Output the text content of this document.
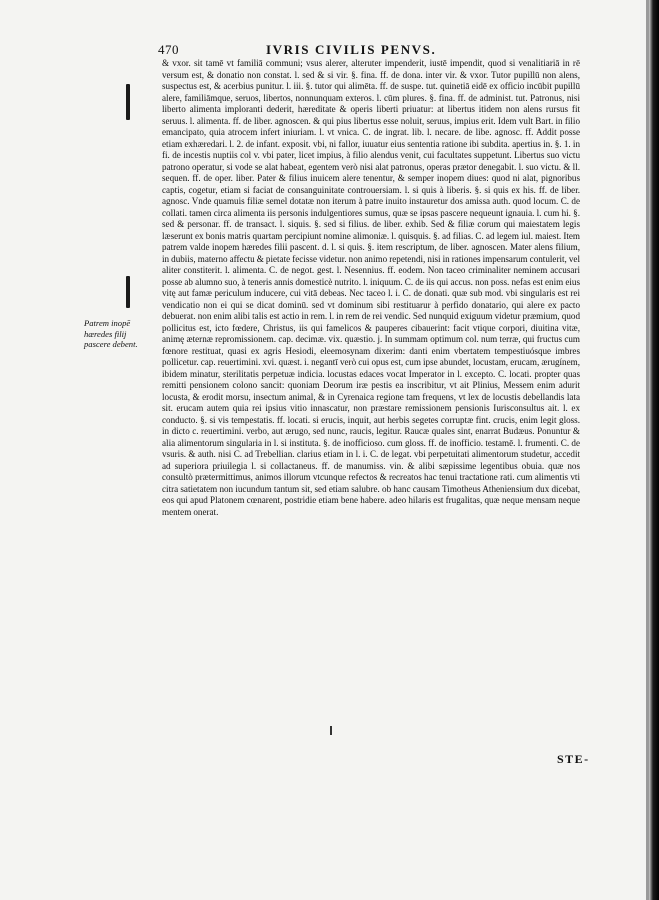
470	IVRIS CIVILIS PENVS.
Patrem inopē
hæredes filij
pascere debent.

& vxor. sit tamē vt familiā communi; vsus alerer, alteruter impenderit, iustē impendit, quod si venalitiariā in rē versum est, & donatio non constat. l. sed & si vir. §. fina. ff. de dona. inter vir. & vxor. Tutor pupillū non alens, suspectus est, & acerbius punitur. l. iii. §. tutor qui alimēta. ff. de suspe. tut. quinetiā eidē ex officio incūbit pupillū alere, familiāmque, seruos, libertos, nonnunquam exteros. l. cūm plures. §. fina. ff. de administ. tut. Patronus, nisi liberto alimenta imploranti dederit, hæreditate & operis liberti priuatur: at libertus itidem non alens rursus fit seruus. l. alimenta. ff. de liber. agnoscen. & qui pius libertus esse noluit, seruus, impius erit. Idem vult Bart. in filio emancipato, quia atrocem infert iniuriam. l. vt vnica. C. de ingrat. lib. l. necare. de libe. agnosc. ff. Addit posse etiam exhæredari. l. 2. de infant. exposit. vbi, ni fallor, iuuatur eius sententia ratione ibi subdita. apertius in. §. 1. in fi. de incestis nuptiis col v. vbi pater, licet impius, à filio alendus venit, cui facultates suppetunt. Libertus suo victu patrono operatur, si vode se alat habeat, egentem verò nisi alat patronus, operas prætor denegabit. l. suo victu. & ll. sequen. ff. de oper. liber. Pater & filius inuicem alere tenentur, & semper inopem diues: quod ni alat, pignoribus captis, cogetur, etiam si faciat de consanguinitate controuersiam. l. si quis à liberis. §. si quis ex his. ff. de liber. agnosc. Vnde quamuis filiæ semel dotatæ non iterum à patre inuito instauretur dos amissa auth. quod locum. C. de collati. tamen circa alimenta iis personis indulgentiores sumus, quæ se ipsas pascere nequeunt ignauia. l. cum hi. §. sed & personar. ff. de transact. l. siquis. §. sed si filius. de liber. exhib. Sed & filiæ corum qui maiestatem legis læserunt ex bonis matris quartam percipiunt nomine alimoniæ. l. quisquis. §. ad filias. C. ad legem iul. maiest. Item patrem valde inopem hæredes filii pascent. d. l. si quis. §. item rescriptum, de liber. agnoscen. Mater alens filium, in dubiis, materno affectu & pietate fecisse videtur. non animo repetendi, nisi in rationes impensarum contulerit, vel aliter constiterit. l. alimenta. C. de negot. gest. l. Nesennius. ff. eodem. Non taceo criminaliter neminem accusari posse ab alumno suo, à teneris annis domesticè nutrito. l. iniquum. C. de iis qui accus. non poss. nefas est enim eius vitę aut famæ periculum inducere, cui vitā debeas. Nec taceo l. i. C. de donati. quæ sub mod. vbi singularis est rei vendicatio non ei qui se dicat dominū. sed vt dominum sibi restituarur à perfido donatario, qui alere ex pacto debuerat. non enim alibi talis est actio in rem. l. in rem de rei vendic. Sed nunquid exiguum videtur præmium, quod pollicitus est, icto fœdere, Christus, iis qui famelicos & pauperes cibauerint: facit vtique corpori, diuitina vitæ, animę æternæ repromissionem. cap. decimæ. vix. quæstio. j. In summam optimum col. num terræ, qui fructus cum fœnore restituat, quasi ex agris Hesiodi, eleemosynam dixerim: danti enim vbertatem tempestiuósque imbres pollicetur. cap. reuertimini. xvi. quæst. i. negantī verò cui opus est, cum ipse abundet, locustam, erucam, ærugínem, ibidem minatur, sterilitatis perpetuæ indicia. locustas edaces vocat Imperator in l. excepto. C. locati. propter quas remitti pensionem colono sancit: quoniam Deorum iræ pestis ea inscribitur, vt ait Plinius, Messem enim adurit locusta, & erodit morsu, insectum animal, & in Cyrenaica regione tam frequens, vt lex de locustis debellandis lata sit. erucam autem quia rei ipsius vitio innascatur, non præstare remissionem pensionis Iurisconsultus ait. l. ex conducto. §. si vis tempestatis. ff. locati. si erucis, inquit, aut herbis segetes corruptæ fint. crucis, enim legit gloss. in dicto c. reuertimini. verbo, aut ærugo, sed nunc, raucis, legitur. Raucæ quales sint, enarrat Budæus. Ponuntur & alia alimentorum singularia in l. si instituta. §. de inofficioso. cum gloss. ff. de inofficio. testamē. l. frumenti. C. de vsuris. & auth. nisi C. ad Trebellian. clarius etiam in l. i. C. de legat. vbi perpetuitati alimentorum studetur, accedit ad superiora priuilegia l. si collactaneus. ff. de manumiss. vin. & alibi sæpissime legentibus obuia. quæ nos consultò prætermittimus, animos illorum vtcunque refectos & recreatos hac tenui tractatione rati. cum alimentis vti citra satietatem non iucundum tantum sit, sed etiam salubre. ob hanc causam Timotheus Atheniensium dux dicebat, eos qui apud Platonem cœnarent, postridie etiam bene habere. adeo hilaris est frugalitas, quæ neque mensam neque mentem onerat.

STE-
